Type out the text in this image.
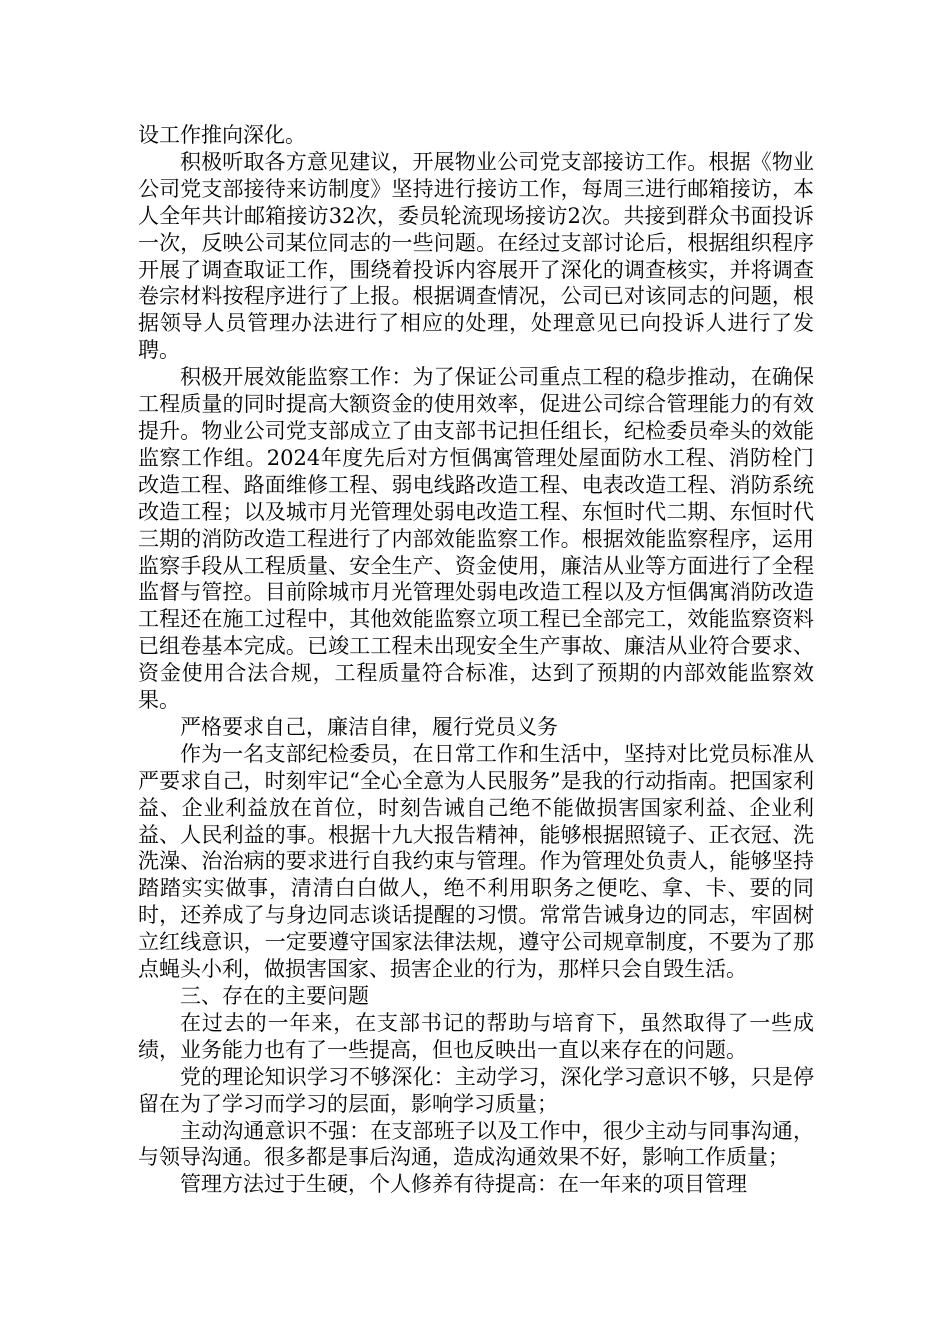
设工作推向深化。

积极听取各方意见建议，开展物业公司党支部接访工作。根据《物业公司党支部接待来访制度》坚持进行接访工作，每周三进行邮箱接访，本人全年共计邮箱接访32次，委员轮流现场接访2次。共接到群众书面投诉一次，反映公司某位同志的一些问题。在经过支部讨论后，根据组织程序开展了调查取证工作，围绕着投诉内容展开了深化的调查核实，并将调查卷宗材料按程序进行了上报。根据调查情况，公司已对该同志的问题，根据领导人员管理办法进行了相应的处理，处理意见已向投诉人进行了发聘。

积极开展效能监察工作：为了保证公司重点工程的稳步推动，在确保工程质量的同时提高大额资金的使用效率，促进公司综合管理能力的有效提升。物业公司党支部成立了由支部书记担任组长，纪检委员牵头的效能监察工作组。2024年度先后对方恒偶寓管理处屋面防水工程、消防栓门改造工程、路面维修工程、弱电线路改造工程、电表改造工程、消防系统改造工程；以及城市月光管理处弱电改造工程、东恒时代二期、东恒时代三期的消防改造工程进行了内部效能监察工作。根据效能监察程序，运用监察手段从工程质量、安全生产、资金使用，廉洁从业等方面进行了全程监督与管控。目前除城市月光管理处弱电改造工程以及方恒偶寓消防改造工程还在施工过程中，其他效能监察立项工程已全部完工，效能监察资料已组卷基本完成。已竣工工程未出现安全生产事故、廉洁从业符合要求、资金使用合法合规，工程质量符合标准，达到了预期的内部效能监察效果。

严格要求自己，廉洁自律，履行党员义务

作为一名支部纪检委员，在日常工作和生活中，坚持对比党员标准从严要求自己，时刻牢记“全心全意为人民服务”是我的行动指南。把国家利益、企业利益放在首位，时刻告诫自己绝不能做损害国家利益、企业利益、人民利益的事。根据十九大报告精神，能够根据照镜子、正衣冠、洗洗澡、治治病的要求进行自我约束与管理。作为管理处负责人，能够坚持踏踏实实做事，清清白白做人，绝不利用职务之便吃、拿、卡、要的同时，还养成了与身边同志谈话提醒的习惯。常常告诫身边的同志，牢固树立红线意识，一定要遵守国家法律法规，遵守公司规章制度，不要为了那点蝇头小利，做损害国家、损害企业的行为，那样只会自毁生活。

三、存在的主要问题

在过去的一年来，在支部书记的帮助与培育下，虽然取得了一些成绩，业务能力也有了一些提高，但也反映出一直以来存在的问题。

党的理论知识学习不够深化：主动学习，深化学习意识不够，只是停留在为了学习而学习的层面，影响学习质量；

主动沟通意识不强：在支部班子以及工作中，很少主动与同事沟通，与领导沟通。很多都是事后沟通，造成沟通效果不好，影响工作质量；

管理方法过于生硬，个人修养有待提高：在一年来的项目管理
